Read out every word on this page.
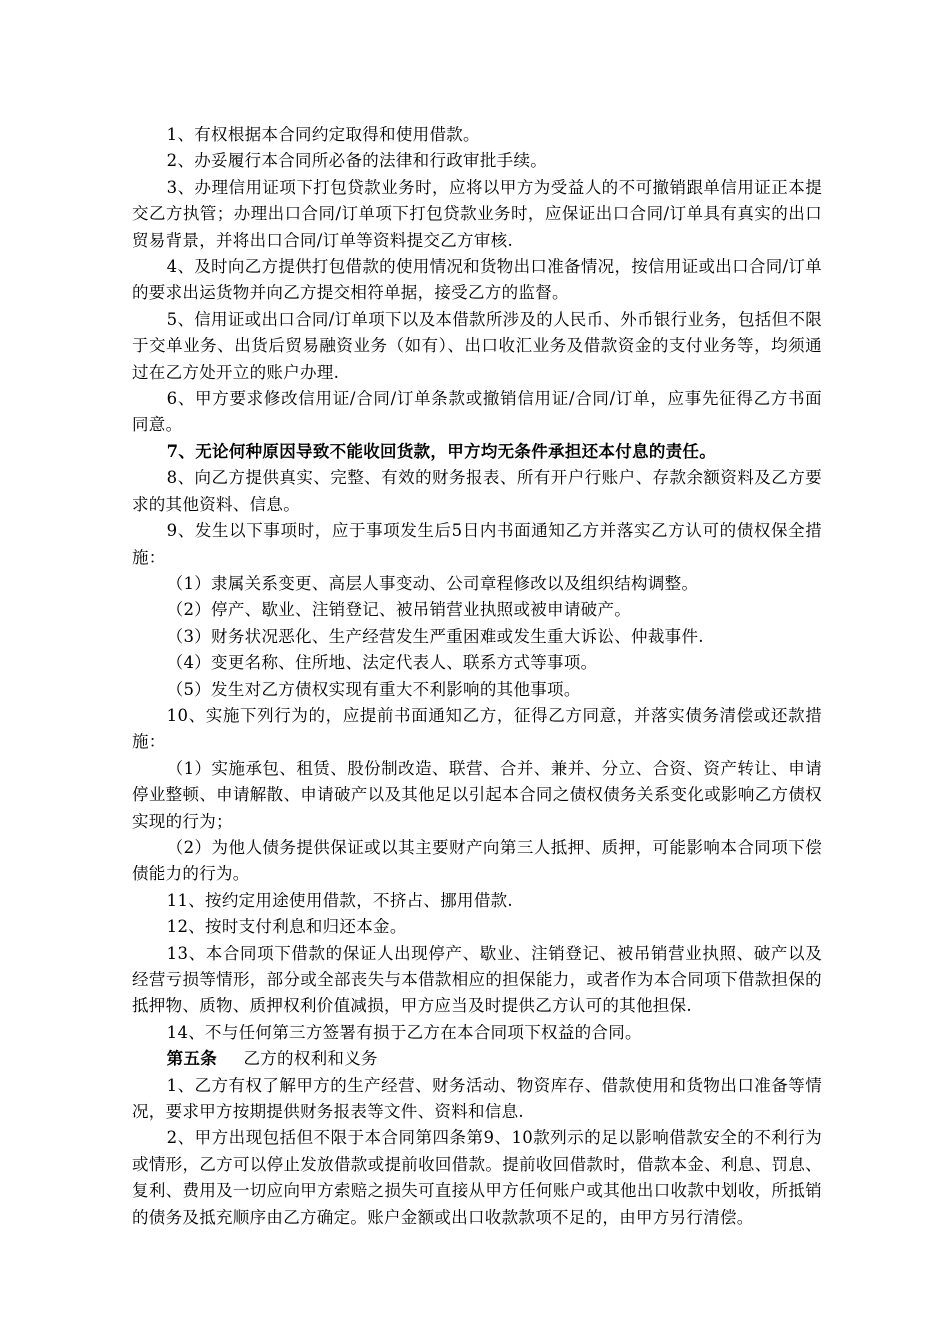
1、有权根据本合同约定取得和使用借款。

2、办妥履行本合同所必备的法律和行政审批手续。

3、办理信用证项下打包贷款业务时，应将以甲方为受益人的不可撤销跟单信用证正本提交乙方执管；办理出口合同/订单项下打包贷款业务时，应保证出口合同/订单具有真实的出口贸易背景，并将出口合同/订单等资料提交乙方审核.

4、及时向乙方提供打包借款的使用情况和货物出口准备情况，按信用证或出口合同/订单的要求出运货物并向乙方提交相符单据，接受乙方的监督。

5、信用证或出口合同/订单项下以及本借款所涉及的人民币、外币银行业务，包括但不限于交单业务、出货后贸易融资业务（如有）、出口收汇业务及借款资金的支付业务等，均须通过在乙方处开立的账户办理.

6、甲方要求修改信用证/合同/订单条款或撤销信用证/合同/订单，应事先征得乙方书面同意。

7、无论何种原因导致不能收回货款，甲方均无条件承担还本付息的责任。

8、向乙方提供真实、完整、有效的财务报表、所有开户行账户、存款余额资料及乙方要求的其他资料、信息。

9、发生以下事项时，应于事项发生后5日内书面通知乙方并落实乙方认可的债权保全措施：

（1）隶属关系变更、高层人事变动、公司章程修改以及组织结构调整。

（2）停产、歇业、注销登记、被吊销营业执照或被申请破产。

（3）财务状况恶化、生产经营发生严重困难或发生重大诉讼、仲裁事件.

（4）变更名称、住所地、法定代表人、联系方式等事项。

（5）发生对乙方债权实现有重大不利影响的其他事项。

10、实施下列行为的，应提前书面通知乙方，征得乙方同意，并落实债务清偿或还款措施：

（1）实施承包、租赁、股份制改造、联营、合并、兼并、分立、合资、资产转让、申请停业整顿、申请解散、申请破产以及其他足以引起本合同之债权债务关系变化或影响乙方债权实现的行为；

（2）为他人债务提供保证或以其主要财产向第三人抵押、质押，可能影响本合同项下偿债能力的行为。

11、按约定用途使用借款，不挤占、挪用借款.

12、按时支付利息和归还本金。

13、本合同项下借款的保证人出现停产、歇业、注销登记、被吊销营业执照、破产以及经营亏损等情形，部分或全部丧失与本借款相应的担保能力，或者作为本合同项下借款担保的抵押物、质物、质押权利价值减损，甲方应当及时提供乙方认可的其他担保.

14、不与任何第三方签署有损于乙方在本合同项下权益的合同。

第五条 乙方的权利和义务

1、乙方有权了解甲方的生产经营、财务活动、物资库存、借款使用和货物出口准备等情况，要求甲方按期提供财务报表等文件、资料和信息.

2、甲方出现包括但不限于本合同第四条第9、10款列示的足以影响借款安全的不利行为或情形，乙方可以停止发放借款或提前收回借款。提前收回借款时，借款本金、利息、罚息、复利、费用及一切应向甲方索赔之损失可直接从甲方任何账户或其他出口收款中划收，所抵销的债务及抵充顺序由乙方确定。账户金额或出口收款款项不足的，由甲方另行清偿。
